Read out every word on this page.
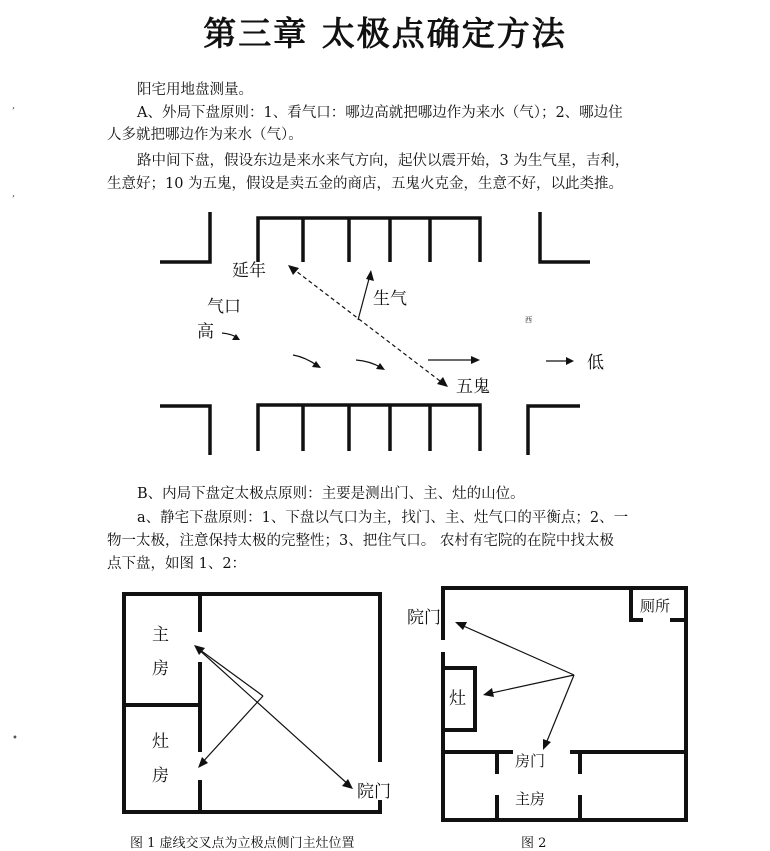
第三章 太极点确定方法
阳宅用地盘测量。
A、外局下盘原则：1、看气口：哪边高就把哪边作为来水（气）；2、哪边住
人多就把哪边作为来水（气）。
路中间下盘，假设东边是来水来气方向，起伏以震开始，3 为生气星，吉利，
生意好；10 为五鬼，假设是卖五金的商店，五鬼火克金，生意不好，以此类推。
,
,
•
延年
气口
高
生气
五鬼
低
西
B、内局下盘定太极点原则：主要是测出门、主、灶的山位。
a、静宅下盘原则：1、下盘以气口为主，找门、主、灶气口的平衡点；2、一
物一太极，注意保持太极的完整性；3、把住气口。 农村有宅院的在院中找太极
点下盘，如图 1、2：
主
房
灶
房
院门
图 1 虚线交叉点为立极点侧门主灶位置
厕所
院门
灶
房门
主房
图 2
